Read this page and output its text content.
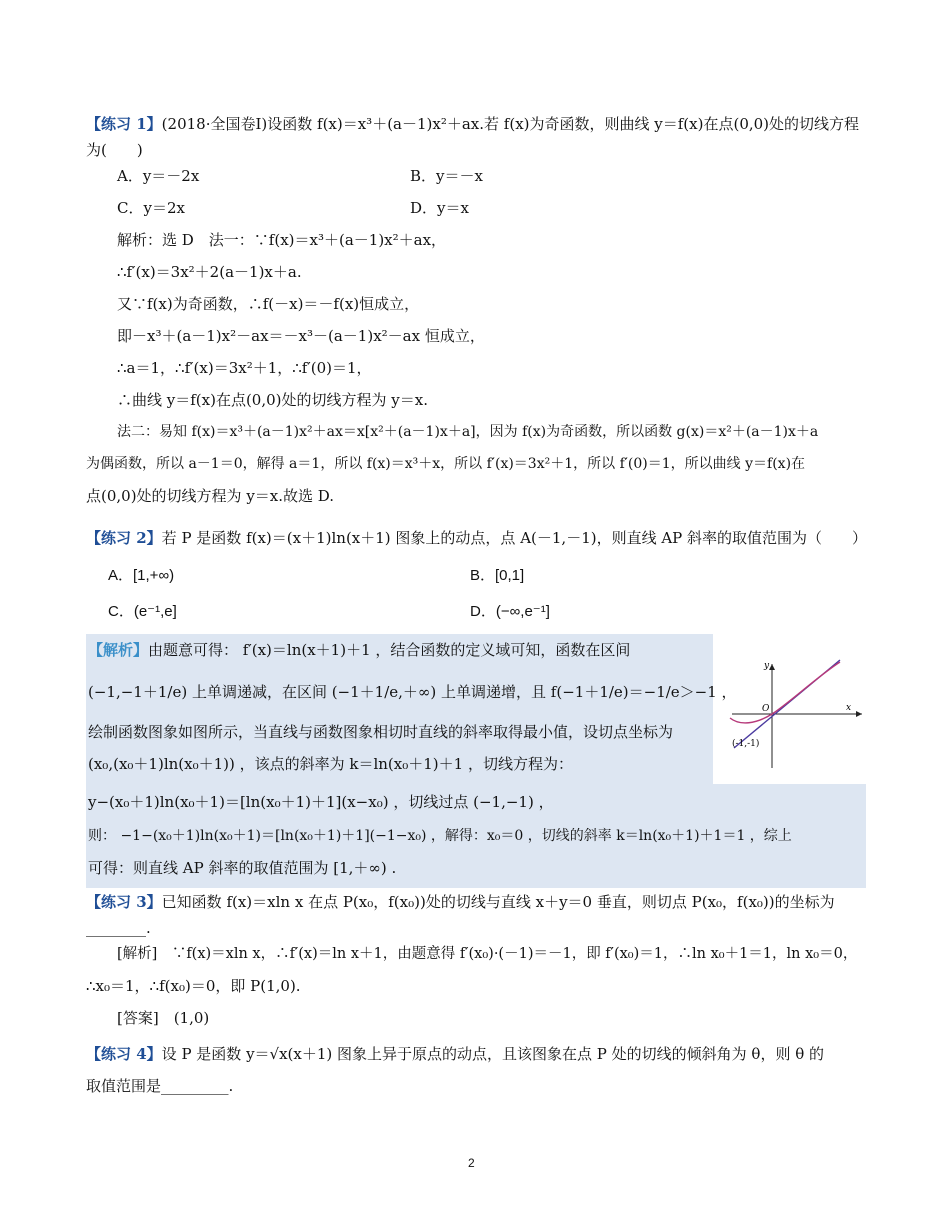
【练习 1】(2018·全国卷Ⅰ)设函数 f(x)＝x³＋(a－1)x²＋ax.若 f(x)为奇函数，则曲线 y＝f(x)在点(0,0)处的切线方程
为(　　)
A．y＝－2x	B．y＝－x
C．y＝2x	D．y＝x
解析：选 D　法一：∵f(x)＝x³＋(a－1)x²＋ax，
∴f′(x)＝3x²＋2(a－1)x＋a.
又∵f(x)为奇函数，∴f(－x)＝－f(x)恒成立，
即－x³＋(a－1)x²－ax＝－x³－(a－1)x²－ax 恒成立，
∴a＝1，∴f′(x)＝3x²＋1，∴f′(0)＝1，
∴曲线 y＝f(x)在点(0,0)处的切线方程为 y＝x.
法二：易知 f(x)＝x³＋(a－1)x²＋ax＝x[x²＋(a－1)x＋a]，因为 f(x)为奇函数，所以函数 g(x)＝x²＋(a－1)x＋a
为偶函数，所以 a－1＝0，解得 a＝1，所以 f(x)＝x³＋x，所以 f′(x)＝3x²＋1，所以 f′(0)＝1，所以曲线 y＝f(x)在
点(0,0)处的切线方程为 y＝x.故选 D.
【练习 2】若 P 是函数 f(x)＝(x＋1)ln(x＋1) 图象上的动点，点 A(－1,－1)，则直线 AP 斜率的取值范围为（　　）
A．[1,+∞)	B．[0,1]
C．(e⁻¹,e]	D．(−∞,e⁻¹]
【解析】由题意可得： f′(x)＝ln(x＋1)＋1 ，结合函数的定义域可知，函数在区间
(−1,−1＋1/e) 上单调递减，在区间 (−1＋1/e,＋∞) 上单调递增，且 f(−1＋1/e)＝−1/e＞−1 ，
绘制函数图象如图所示，当直线与函数图象相切时直线的斜率取得最小值，设切点坐标为
(x₀,(x₀＋1)ln(x₀＋1)) ，该点的斜率为 k＝ln(x₀＋1)＋1 ，切线方程为：
y−(x₀＋1)ln(x₀＋1)＝[ln(x₀＋1)＋1](x−x₀) ，切线过点 (−1,−1) ，
则： −1−(x₀＋1)ln(x₀＋1)＝[ln(x₀＋1)＋1](−1−x₀) ，解得：x₀＝0 ，切线的斜率 k＝ln(x₀＋1)＋1＝1 ，综上
可得：则直线 AP 斜率的取值范围为 [1,＋∞) .
y
x
O
(-1,-1)
【练习 3】已知函数 f(x)＝xln x 在点 P(x₀，f(x₀))处的切线与直线 x＋y＝0 垂直，则切点 P(x₀，f(x₀))的坐标为
________.
[解析]　∵f(x)＝xln x，∴f′(x)＝ln x＋1，由题意得 f′(x₀)·(－1)＝－1，即 f′(x₀)＝1，∴ln x₀＋1＝1，ln x₀＝0，
∴x₀＝1，∴f(x₀)＝0，即 P(1,0).
[答案]　(1,0)
【练习 4】设 P 是函数 y＝√x(x＋1) 图象上异于原点的动点，且该图象在点 P 处的切线的倾斜角为 θ，则 θ 的
取值范围是_________.
2
